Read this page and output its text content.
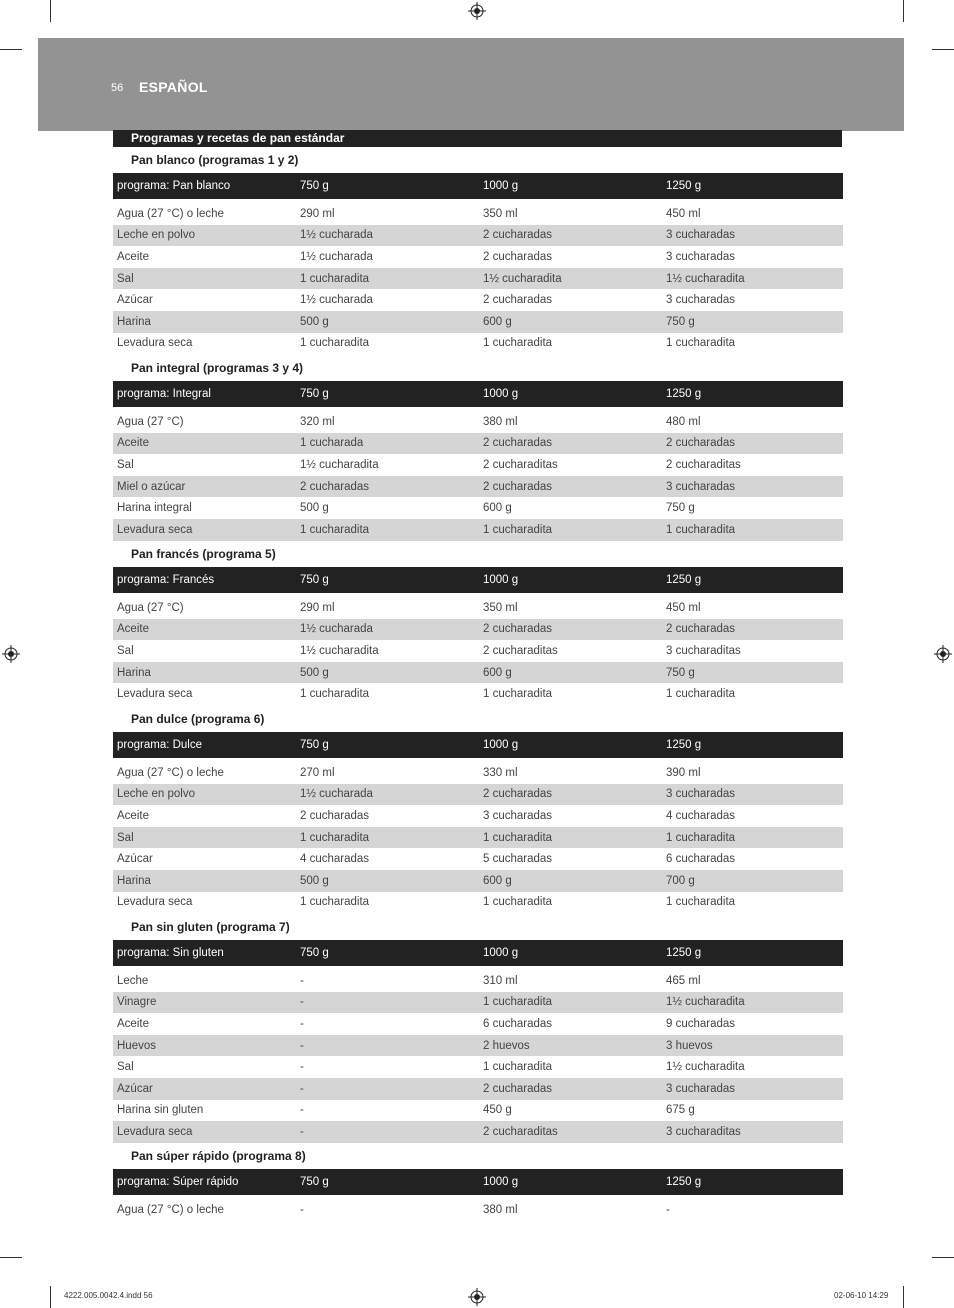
56 ESPAÑOL
Programas y recetas de pan estándar
Pan blanco (programas 1 y 2)
programa: Pan blanco	750 g	1000 g	1250 g

Agua (27 °C) o leche	290 ml	350 ml	450 ml
Leche en polvo	1½ cucharada	2 cucharadas	3 cucharadas
Aceite	1½ cucharada	2 cucharadas	3 cucharadas
Sal	1 cucharadita	1½ cucharadita	1½ cucharadita
Azúcar	1½ cucharada	2 cucharadas	3 cucharadas
Harina	500 g	600 g	750 g
Levadura seca	1 cucharadita	1 cucharadita	1 cucharadita
Pan integral (programas 3 y 4)
programa: Integral	750 g	1000 g	1250 g

Agua (27 °C)	320 ml	380 ml	480 ml
Aceite	1 cucharada	2 cucharadas	2 cucharadas
Sal	1½ cucharadita	2 cucharaditas	2 cucharaditas
Miel o azúcar	2 cucharadas	2 cucharadas	3 cucharadas
Harina integral	500 g	600 g	750 g
Levadura seca	1 cucharadita	1 cucharadita	1 cucharadita
Pan francés (programa 5)
programa: Francés	750 g	1000 g	1250 g

Agua (27 °C)	290 ml	350 ml	450 ml
Aceite	1½ cucharada	2 cucharadas	2 cucharadas
Sal	1½ cucharadita	2 cucharaditas	3 cucharaditas
Harina	500 g	600 g	750 g
Levadura seca	1 cucharadita	1 cucharadita	1 cucharadita
Pan dulce (programa 6)
programa: Dulce	750 g	1000 g	1250 g

Agua (27 °C) o leche	270 ml	330 ml	390 ml
Leche en polvo	1½ cucharada	2 cucharadas	3 cucharadas
Aceite	2 cucharadas	3 cucharadas	4 cucharadas
Sal	1 cucharadita	1 cucharadita	1 cucharadita
Azúcar	4 cucharadas	5 cucharadas	6 cucharadas
Harina	500 g	600 g	700 g
Levadura seca	1 cucharadita	1 cucharadita	1 cucharadita
Pan sin gluten (programa 7)
programa: Sin gluten	750 g	1000 g	1250 g

Leche	-	310 ml	465 ml
Vinagre	-	1 cucharadita	1½ cucharadita
Aceite	-	6 cucharadas	9 cucharadas
Huevos	-	2 huevos	3 huevos
Sal	-	1 cucharadita	1½ cucharadita
Azúcar	-	2 cucharadas	3 cucharadas
Harina sin gluten	-	450 g	675 g
Levadura seca	-	2 cucharaditas	3 cucharaditas
Pan súper rápido (programa 8)
programa: Súper rápido	750 g	1000 g	1250 g

Agua (27 °C) o leche	-	380 ml	-
4222.005.0042.4.indd 56	02-06-10 14:29
